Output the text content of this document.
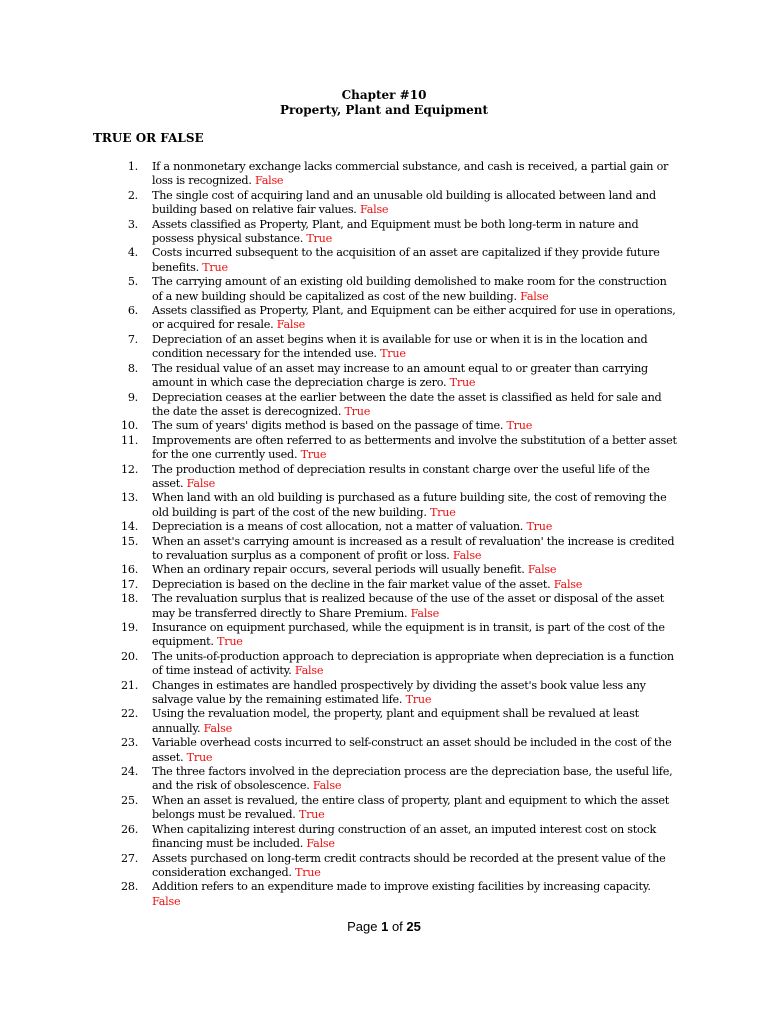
Chapter #10
Property, Plant and Equipment
TRUE OR FALSE
1. If a nonmonetary exchange lacks commercial substance, and cash is received, a partial gain or loss is recognized. False
2. The single cost of acquiring land and an unusable old building is allocated between land and building based on relative fair values. False
3. Assets classified as Property, Plant, and Equipment must be both long-term in nature and possess physical substance. True
4. Costs incurred subsequent to the acquisition of an asset are capitalized if they provide future benefits. True
5. The carrying amount of an existing old building demolished to make room for the construction of a new building should be capitalized as cost of the new building. False
6. Assets classified as Property, Plant, and Equipment can be either acquired for use in operations, or acquired for resale. False
7. Depreciation of an asset begins when it is available for use or when it is in the location and condition necessary for the intended use. True
8. The residual value of an asset may increase to an amount equal to or greater than carrying amount in which case the depreciation charge is zero. True
9. Depreciation ceases at the earlier between the date the asset is classified as held for sale and the date the asset is derecognized. True
10. The sum of years' digits method is based on the passage of time. True
11. Improvements are often referred to as betterments and involve the substitution of a better asset for the one currently used. True
12. The production method of depreciation results in constant charge over the useful life of the asset. False
13. When land with an old building is purchased as a future building site, the cost of removing the old building is part of the cost of the new building. True
14. Depreciation is a means of cost allocation, not a matter of valuation. True
15. When an asset's carrying amount is increased as a result of revaluation' the increase is credited to revaluation surplus as a component of profit or loss. False
16. When an ordinary repair occurs, several periods will usually benefit. False
17. Depreciation is based on the decline in the fair market value of the asset. False
18. The revaluation surplus that is realized because of the use of the asset or disposal of the asset may be transferred directly to Share Premium. False
19. Insurance on equipment purchased, while the equipment is in transit, is part of the cost of the equipment. True
20. The units-of-production approach to depreciation is appropriate when depreciation is a function of time instead of activity. False
21. Changes in estimates are handled prospectively by dividing the asset's book value less any salvage value by the remaining estimated life. True
22. Using the revaluation model, the property, plant and equipment shall be revalued at least annually. False
23. Variable overhead costs incurred to self-construct an asset should be included in the cost of the asset. True
24. The three factors involved in the depreciation process are the depreciation base, the useful life, and the risk of obsolescence. False
25. When an asset is revalued, the entire class of property, plant and equipment to which the asset belongs must be revalued. True
26. When capitalizing interest during construction of an asset, an imputed interest cost on stock financing must be included. False
27. Assets purchased on long-term credit contracts should be recorded at the present value of the consideration exchanged. True
28. Addition refers to an expenditure made to improve existing facilities by increasing capacity. False
Page 1 of 25
